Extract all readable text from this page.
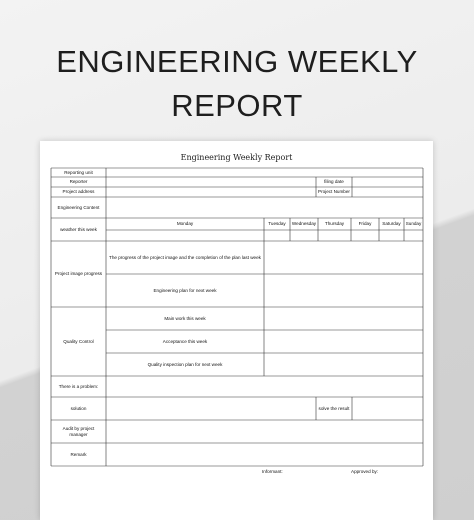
ENGINEERING WEEKLY
REPORT
Engineering Weekly Report
Reporting unit
Reporter	filing date
Project address	Project Number
Engineering Content
weather this week
Monday	Tuesday	Wednesday	Thursday	Friday	Saturday	Sunday
Project image progress
The progress of the project image and the completion of the plan last week
Engineering plan for next week
Quality Control
Main work this week
Acceptance this week
Quality inspection plan for next week
There is a problem:
solution	solve the result
Audit by project manager
Remark
Informant:	Approved by:
